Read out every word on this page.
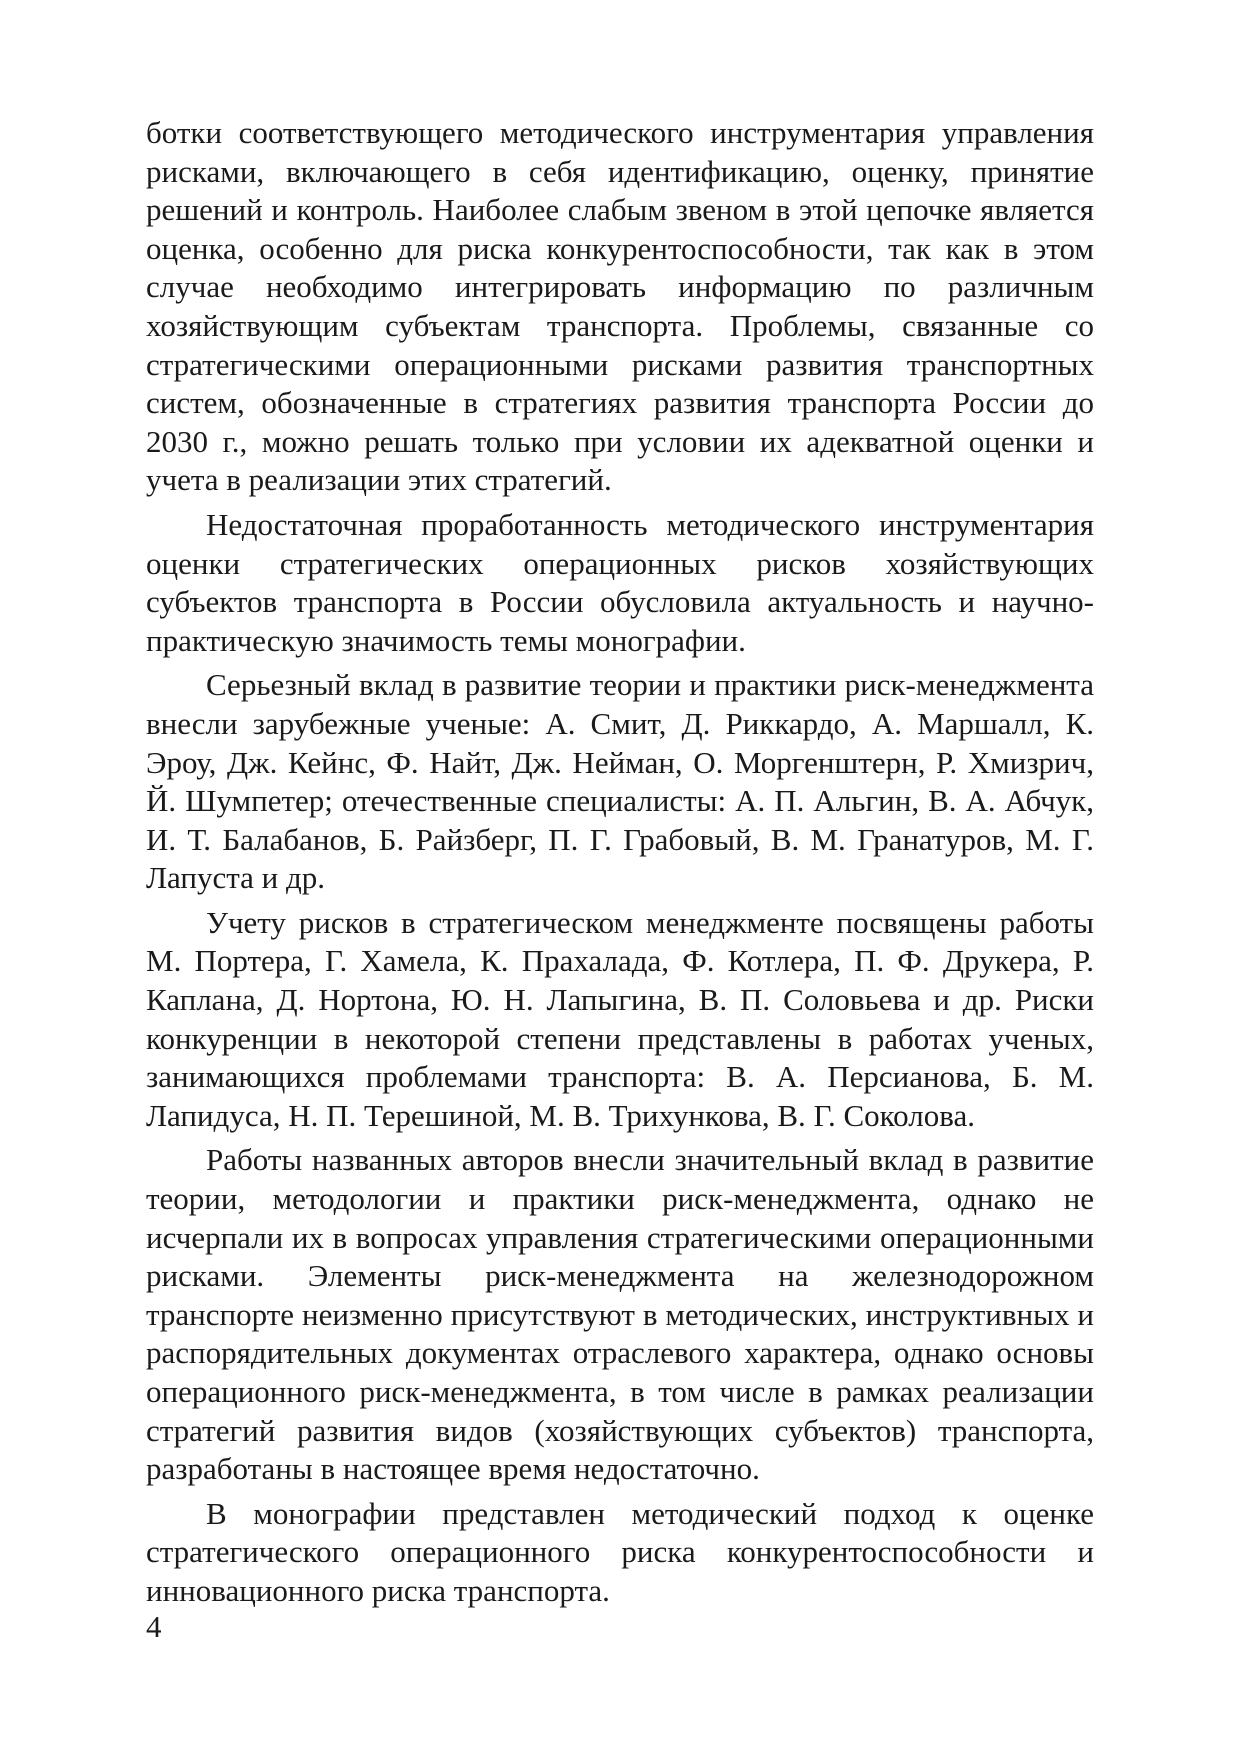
ботки соответствующего методического инструментария управления рисками, включающего в себя идентификацию, оценку, принятие решений и контроль. Наиболее слабым звеном в этой цепочке является оценка, особенно для риска конкурентоспособности, так как в этом случае необходимо интегрировать информацию по различным хозяйствующим субъектам транспорта. Проблемы, связанные со стратегическими операционными рисками развития транспортных систем, обозначенные в стратегиях развития транспорта России до 2030 г., можно решать только при условии их адекватной оценки и учета в реализации этих стратегий.

Недостаточная проработанность методического инструментария оценки стратегических операционных рисков хозяйствующих субъектов транспорта в России обусловила актуальность и научно-практическую значимость темы монографии.

Серьезный вклад в развитие теории и практики риск-менеджмента внесли зарубежные ученые: А. Смит, Д. Риккардо, А. Маршалл, К. Эроу, Дж. Кейнс, Ф. Найт, Дж. Нейман, О. Моргенштерн, Р. Хмизрич, Й. Шумпетер; отечественные специалисты: А. П. Альгин, В. А. Абчук, И. Т. Балабанов, Б. Райзберг, П. Г. Грабовый, В. М. Гранатуров, М. Г. Лапуста и др.

Учету рисков в стратегическом менеджменте посвящены работы М. Портера, Г. Хамела, К. Прахалада, Ф. Котлера, П. Ф. Друкера, Р. Каплана, Д. Нортона, Ю. Н. Лапыгина, В. П. Соловьева и др. Риски конкуренции в некоторой степени представлены в работах ученых, занимающихся проблемами транспорта: В. А. Персианова, Б. М. Лапидуса, Н. П. Терешиной, М. В. Трихункова, В. Г. Соколова.

Работы названных авторов внесли значительный вклад в развитие теории, методологии и практики риск-менеджмента, однако не исчерпали их в вопросах управления стратегическими операционными рисками. Элементы риск-менеджмента на железнодорожном транспорте неизменно присутствуют в методических, инструктивных и распорядительных документах отраслевого характера, однако основы операционного риск-менеджмента, в том числе в рамках реализации стратегий развития видов (хозяйствующих субъектов) транспорта, разработаны в настоящее время недостаточно.

В монографии представлен методический подход к оценке стратегического операционного риска конкурентоспособности и инновационного риска транспорта.

4
